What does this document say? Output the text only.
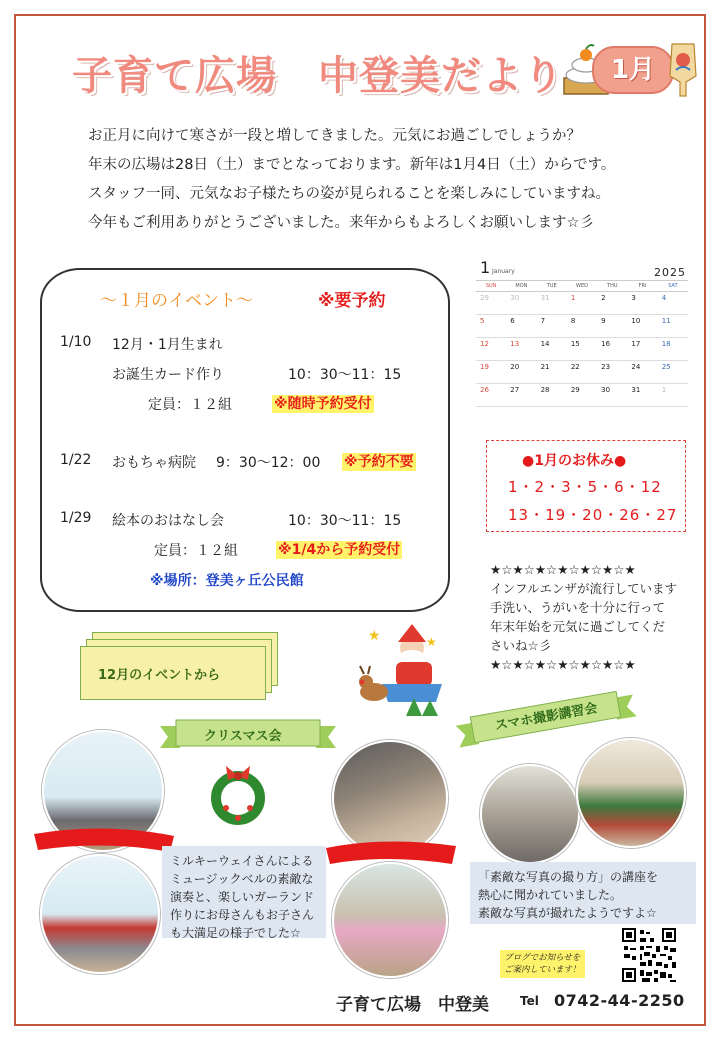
子育て広場　中登美だより	1月

お正月に向けて寒さが一段と増してきました。元気にお過ごしでしょうか？

年末の広場は28日（土）までとなっております。新年は1月4日（土）からです。

スタッフ一同、元気なお子様たちの姿が見られることを楽しみにしていますね。

今年もご利用ありがとうございました。来年からもよろしくお願いします☆彡

～１月のイベント～	※要予約
1/10 12月・1月生まれ
お誕生カード作り	10：30～11：15
定員：１２組	※随時予約受付
1/22 おもちゃ病院 9：30～12：00 ※予約不要
1/29 絵本のおはなし会	10：30～11：15
定員：１２組	※1/4から予約受付
※場所：登美ヶ丘公民館
1 January	2025
SUN	MON	TUE	WED	THU	FRI	SAT
29	30	31	1	2	3	4
5	6	7	8	9	10	11
12	13	14	15	16	17	18
19	20	21	22	23	24	25
26	27	28	29	30	31	1
●1月のお休み●
1・2・3・5・6・12
13・19・20・26・27
★☆★☆★☆★☆★☆★☆★
インフルエンザが流行しています
手洗い、うがいを十分に行って
年末年始を元気に過ごしてくだ
さいね☆彡
★☆★☆★☆★☆★☆★☆★
12月のイベントから
★	★
クリスマス会
スマホ撮影講習会
ミルキーウェイさんによる
ミュージックベルの素敵な
演奏と、楽しいガーランド
作りにお母さんもお子さん
も大満足の様子でした☆
「素敵な写真の撮り方」の講座を
熱心に聞かれていました。
素敵な写真が撮れたようですよ☆
ブログでお知らせを
ご案内しています！
子育て広場　中登美	Tel 0742-44-2250
